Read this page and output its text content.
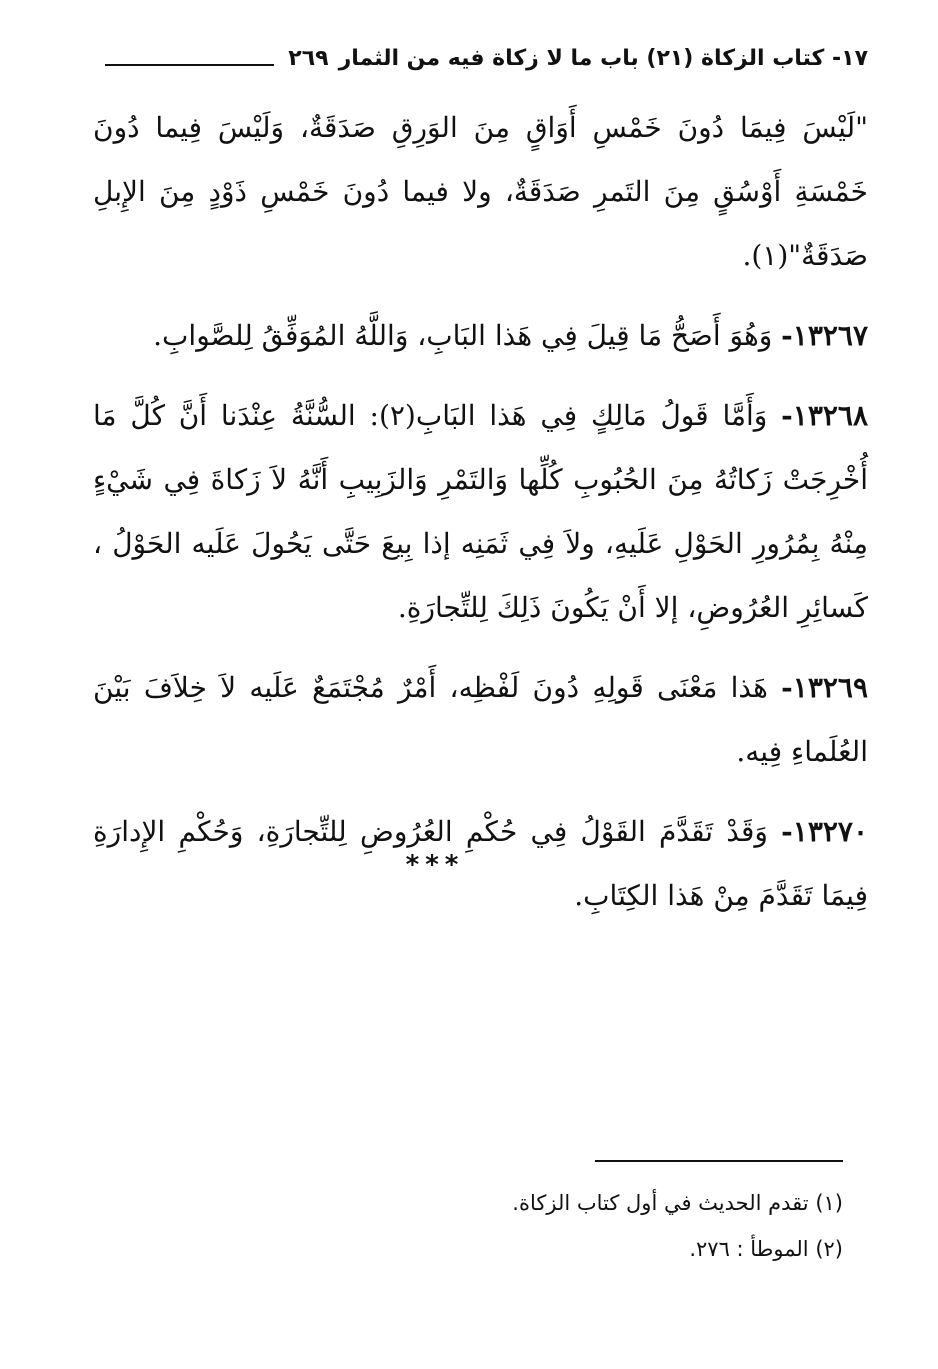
١٧- كتاب الزكاة (٢١) باب ما لا زكاة فيه من الثمار
٢٦٩

"لَيْسَ فِيمَا دُونَ خَمْسِ أَوَاقٍ مِنَ الوَرِقِ صَدَقَةٌ، وَلَيْسَ فِيما دُونَ خَمْسَةِ أَوْسُقٍ مِنَ التَمرِ صَدَقَةٌ، ولا فيما دُونَ خَمْسِ ذَوْدٍ مِنَ الإِبلِ صَدَقَةٌ"(١).

١٣٢٦٧- وَهُوَ أَصَحُّ مَا قِيلَ فِي هَذا البَابِ، وَاللَّهُ المُوَفِّقُ لِلصَّوابِ.

١٣٢٦٨- وَأَمَّا قَولُ مَالِكٍ فِي هَذا البَابِ(٢): السُّنَّةُ عِنْدَنا أَنَّ كُلَّ مَا أُخْرِجَتْ زَكاتُهُ مِنَ الحُبُوبِ كُلِّها وَالتَمْرِ وَالزَبِيبِ أَنَّهُ لاَ زَكاةَ فِي شَيْءٍ مِنْهُ بِمُرُورِ الحَوْلِ عَلَيهِ، ولاَ فِي ثَمَنِه إذا بِيعَ حَتَّى يَحُولَ عَلَيه الحَوْلُ ، كَسائِرِ العُرُوضِ، إلا أَنْ يَكُونَ ذَلِكَ لِلتِّجارَةِ.

١٣٢٦٩- هَذا مَعْنَى قَولِهِ دُونَ لَفْظِه، أَمْرٌ مُجْتَمَعٌ عَلَيه لاَ خِلاَفَ بَيْنَ العُلَماءِ فِيه.

١٣٢٧٠- وَقَدْ تَقَدَّمَ القَوْلُ فِي حُكْمِ العُرُوضِ لِلتِّجارَةِ، وَحُكْمِ الإِدارَةِ فِيمَا تَقَدَّمَ مِنْ هَذا الكِتَابِ.

***

(١) تقدم الحديث في أول كتاب الزكاة.

(٢) الموطأ : ٢٧٦.
